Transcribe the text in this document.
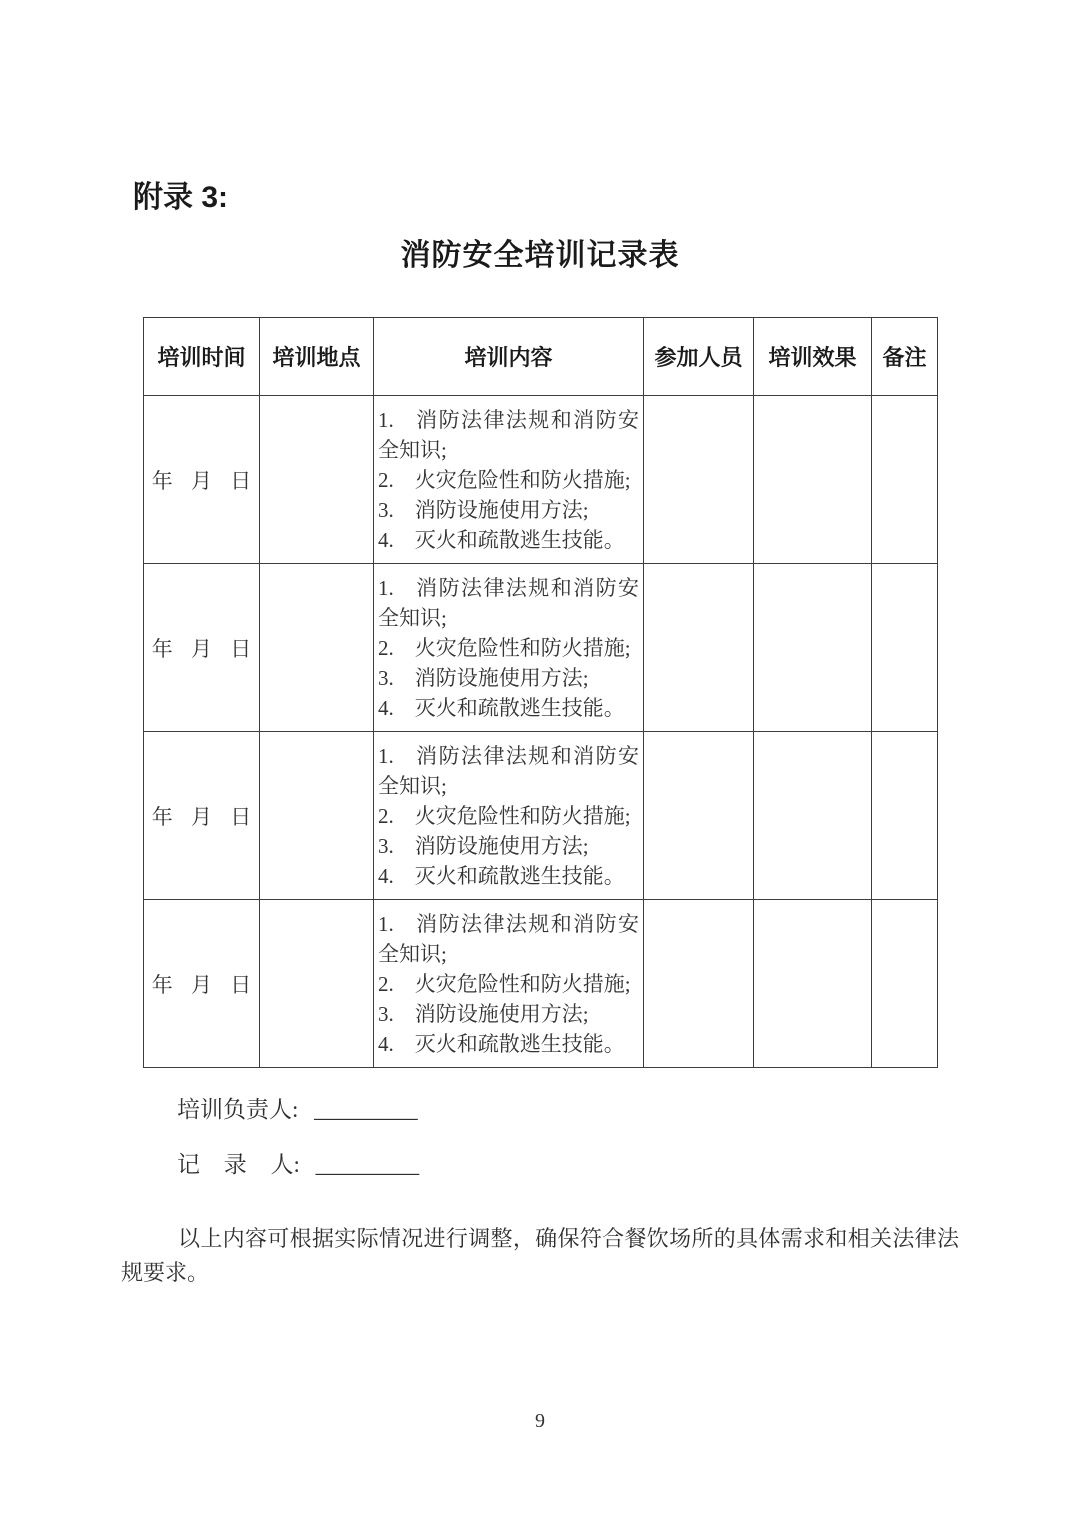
附录 3:
消防安全培训记录表
培训时间	培训地点	培训内容	参加人员	培训效果	备注
年 月 日		1. 消防法律法规和消防安全知识;
2. 火灾危险性和防火措施;
3. 消防设施使用方法;
4. 灭火和疏散逃生技能。			

年 月 日		1. 消防法律法规和消防安全知识;
2. 火灾危险性和防火措施;
3. 消防设施使用方法;
4. 灭火和疏散逃生技能。			

年 月 日		1. 消防法律法规和消防安全知识;
2. 火灾危险性和防火措施;
3. 消防设施使用方法;
4. 灭火和疏散逃生技能。			

年 月 日		1. 消防法律法规和消防安全知识;
2. 火灾危险性和防火措施;
3. 消防设施使用方法;
4. 灭火和疏散逃生技能。			

培训负责人: _________
记 录 人: _________
以上内容可根据实际情况进行调整，确保符合餐饮场所的具体需求和相关法律法规要求。
9
